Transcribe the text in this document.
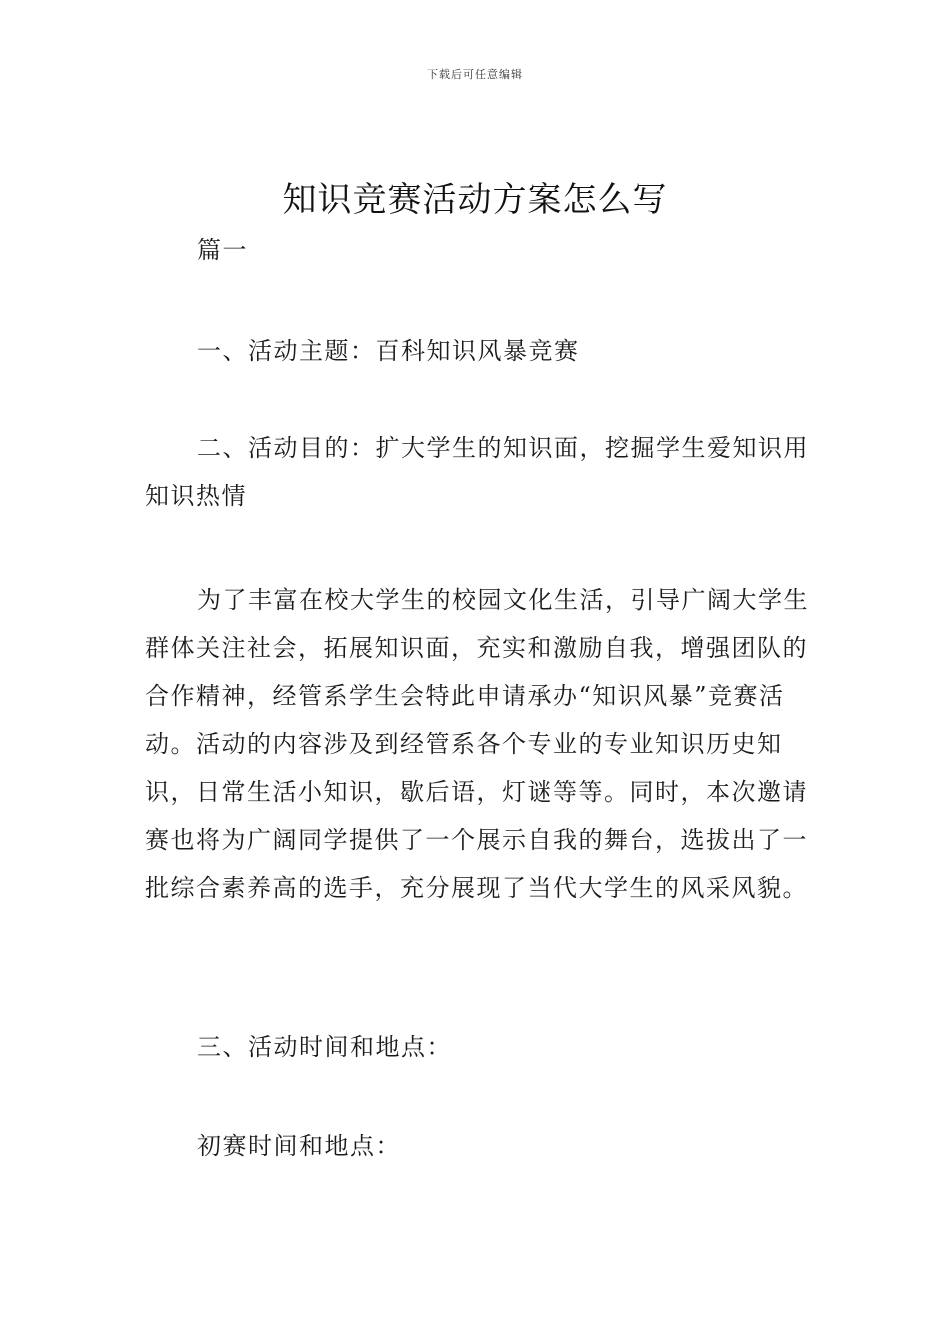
下载后可任意编辑
知识竞赛活动方案怎么写

篇一

一、活动主题：百科知识风暴竞赛

二、活动目的：扩大学生的知识面，挖掘学生爱知识用知识热情

为了丰富在校大学生的校园文化生活，引导广阔大学生群体关注社会，拓展知识面，充实和激励自我，增强团队的合作精神，经管系学生会特此申请承办“知识风暴”竞赛活动。活动的内容涉及到经管系各个专业的专业知识历史知识，日常生活小知识，歇后语，灯谜等等。同时，本次邀请赛也将为广阔同学提供了一个展示自我的舞台，选拔出了一批综合素养高的选手，充分展现了当代大学生的风采风貌。

三、活动时间和地点：

初赛时间和地点：
